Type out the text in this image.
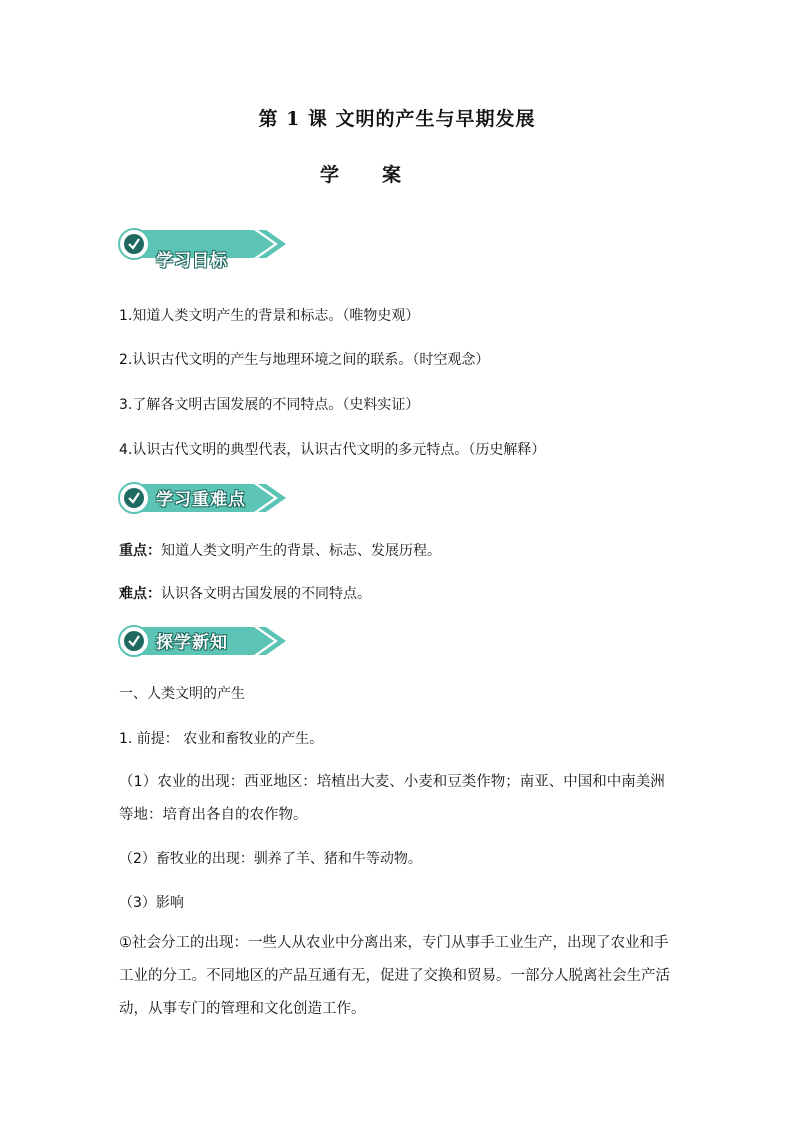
第 1 课 文明的产生与早期发展
学 案
学习目标
1.知道人类文明产生的背景和标志。（唯物史观）
2.认识古代文明的产生与地理环境之间的联系。（时空观念）
3.了解各文明古国发展的不同特点。（史料实证）
4.认识古代文明的典型代表，认识古代文明的多元特点。（历史解释）
学习重难点
重点：知道人类文明产生的背景、标志、发展历程。
难点：认识各文明古国发展的不同特点。
探学新知
一、人类文明的产生
1. 前提： 农业和畜牧业的产生。
（1）农业的出现：西亚地区：培植出大麦、小麦和豆类作物；南亚、中国和中南美洲等地：培育出各自的农作物。
（2）畜牧业的出现：驯养了羊、猪和牛等动物。
（3）影响
①社会分工的出现：一些人从农业中分离出来，专门从事手工业生产，出现了农业和手工业的分工。不同地区的产品互通有无，促进了交换和贸易。一部分人脱离社会生产活动，从事专门的管理和文化创造工作。
